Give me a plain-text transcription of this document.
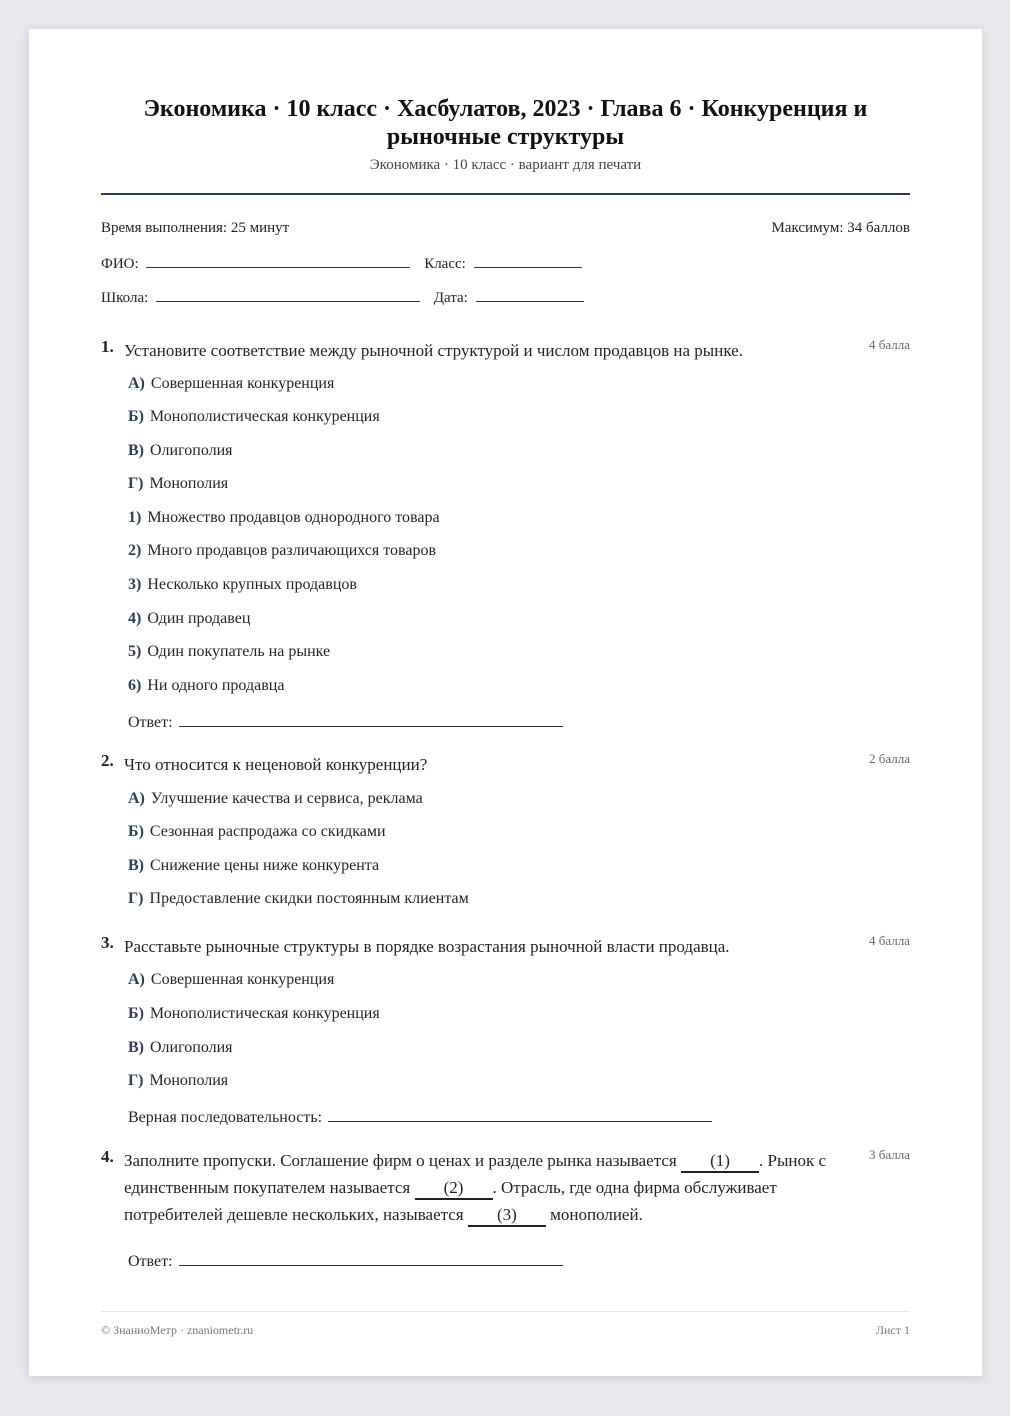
Экономика · 10 класс · Хасбулатов, 2023 · Глава 6 · Конкуренция и рыночные структуры
Экономика · 10 класс · вариант для печати
Время выполнения: 25 минут	Максимум: 34 баллов
ФИО:	Класс:
Школа:	Дата:
1. Установите соответствие между рыночной структурой и числом продавцов на рынке.	4 балла
А) Совершенная конкуренция
Б) Монополистическая конкуренция
В) Олигополия
Г) Монополия
1) Множество продавцов однородного товара
2) Много продавцов различающихся товаров
3) Несколько крупных продавцов
4) Один продавец
5) Один покупатель на рынке
6) Ни одного продавца
Ответ:
2. Что относится к неценовой конкуренции?	2 балла
А) Улучшение качества и сервиса, реклама
Б) Сезонная распродажа со скидками
В) Снижение цены ниже конкурента
Г) Предоставление скидки постоянным клиентам
3. Расставьте рыночные структуры в порядке возрастания рыночной власти продавца.	4 балла
А) Совершенная конкуренция
Б) Монополистическая конкуренция
В) Олигополия
Г) Монополия
Верная последовательность:
4. Заполните пропуски. Соглашение фирм о ценах и разделе рынка называется (1) . Рынок с единственным покупателем называется (2) . Отрасль, где одна фирма обслуживает потребителей дешевле нескольких, называется (3) монополией.
3 балла
Ответ:
© ЗнаниоМетр · znaniometr.ru	Лист 1
